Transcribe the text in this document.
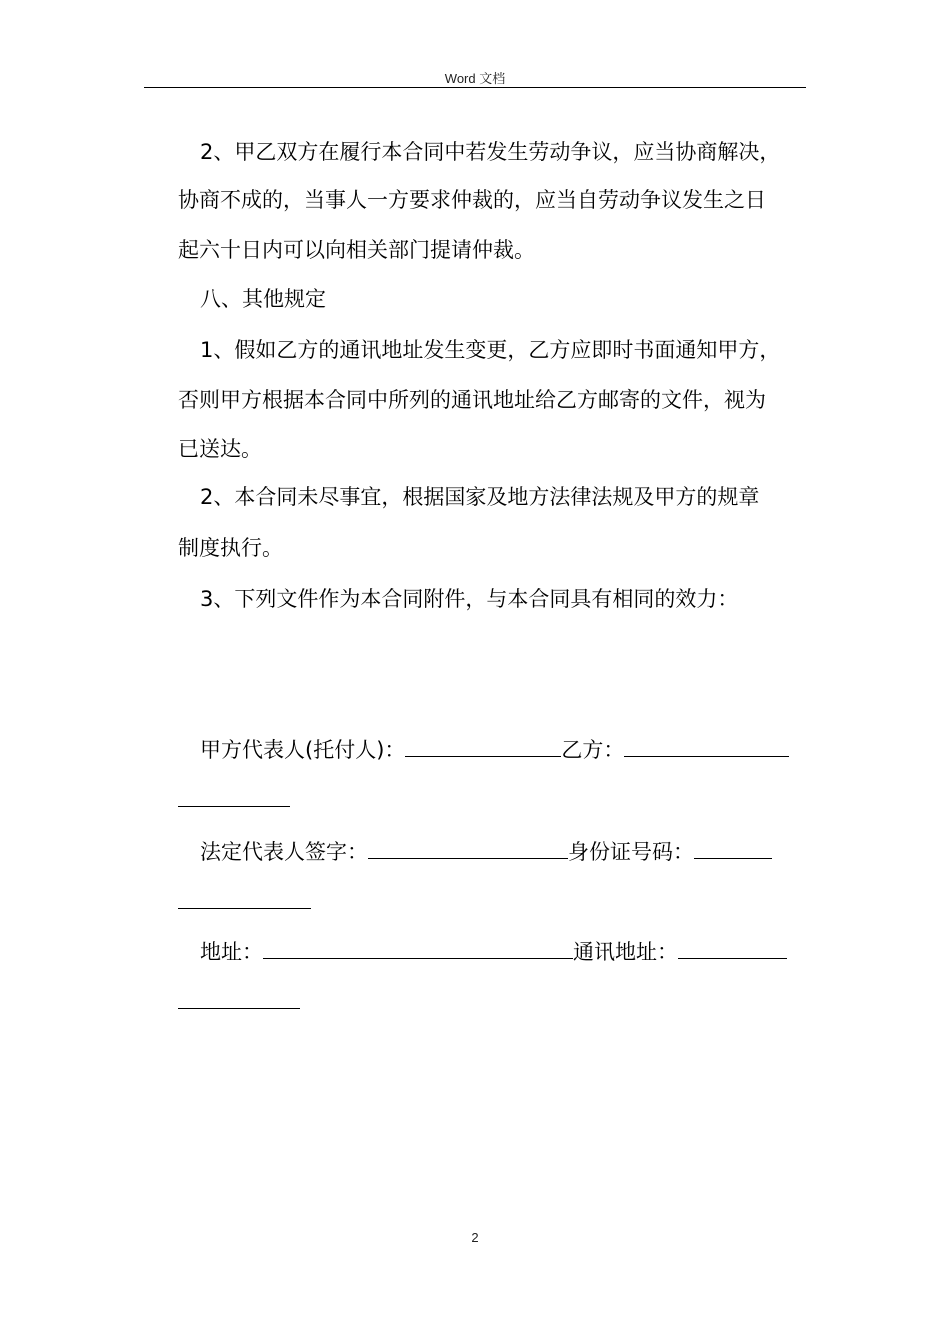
Word 文档
2、甲乙双方在履行本合同中若发生劳动争议，应当协商解决，
协商不成的，当事人一方要求仲裁的，应当自劳动争议发生之日
起六十日内可以向相关部门提请仲裁。
八、其他规定
1、假如乙方的通讯地址发生变更，乙方应即时书面通知甲方，
否则甲方根据本合同中所列的通讯地址给乙方邮寄的文件，视为
已送达。
2、本合同未尽事宜，根据国家及地方法律法规及甲方的规章
制度执行。
3、下列文件作为本合同附件，与本合同具有相同的效力：
甲方代表人(托付人)：	乙方：
法定代表人签字：	身份证号码：
地址：	通讯地址：
2
